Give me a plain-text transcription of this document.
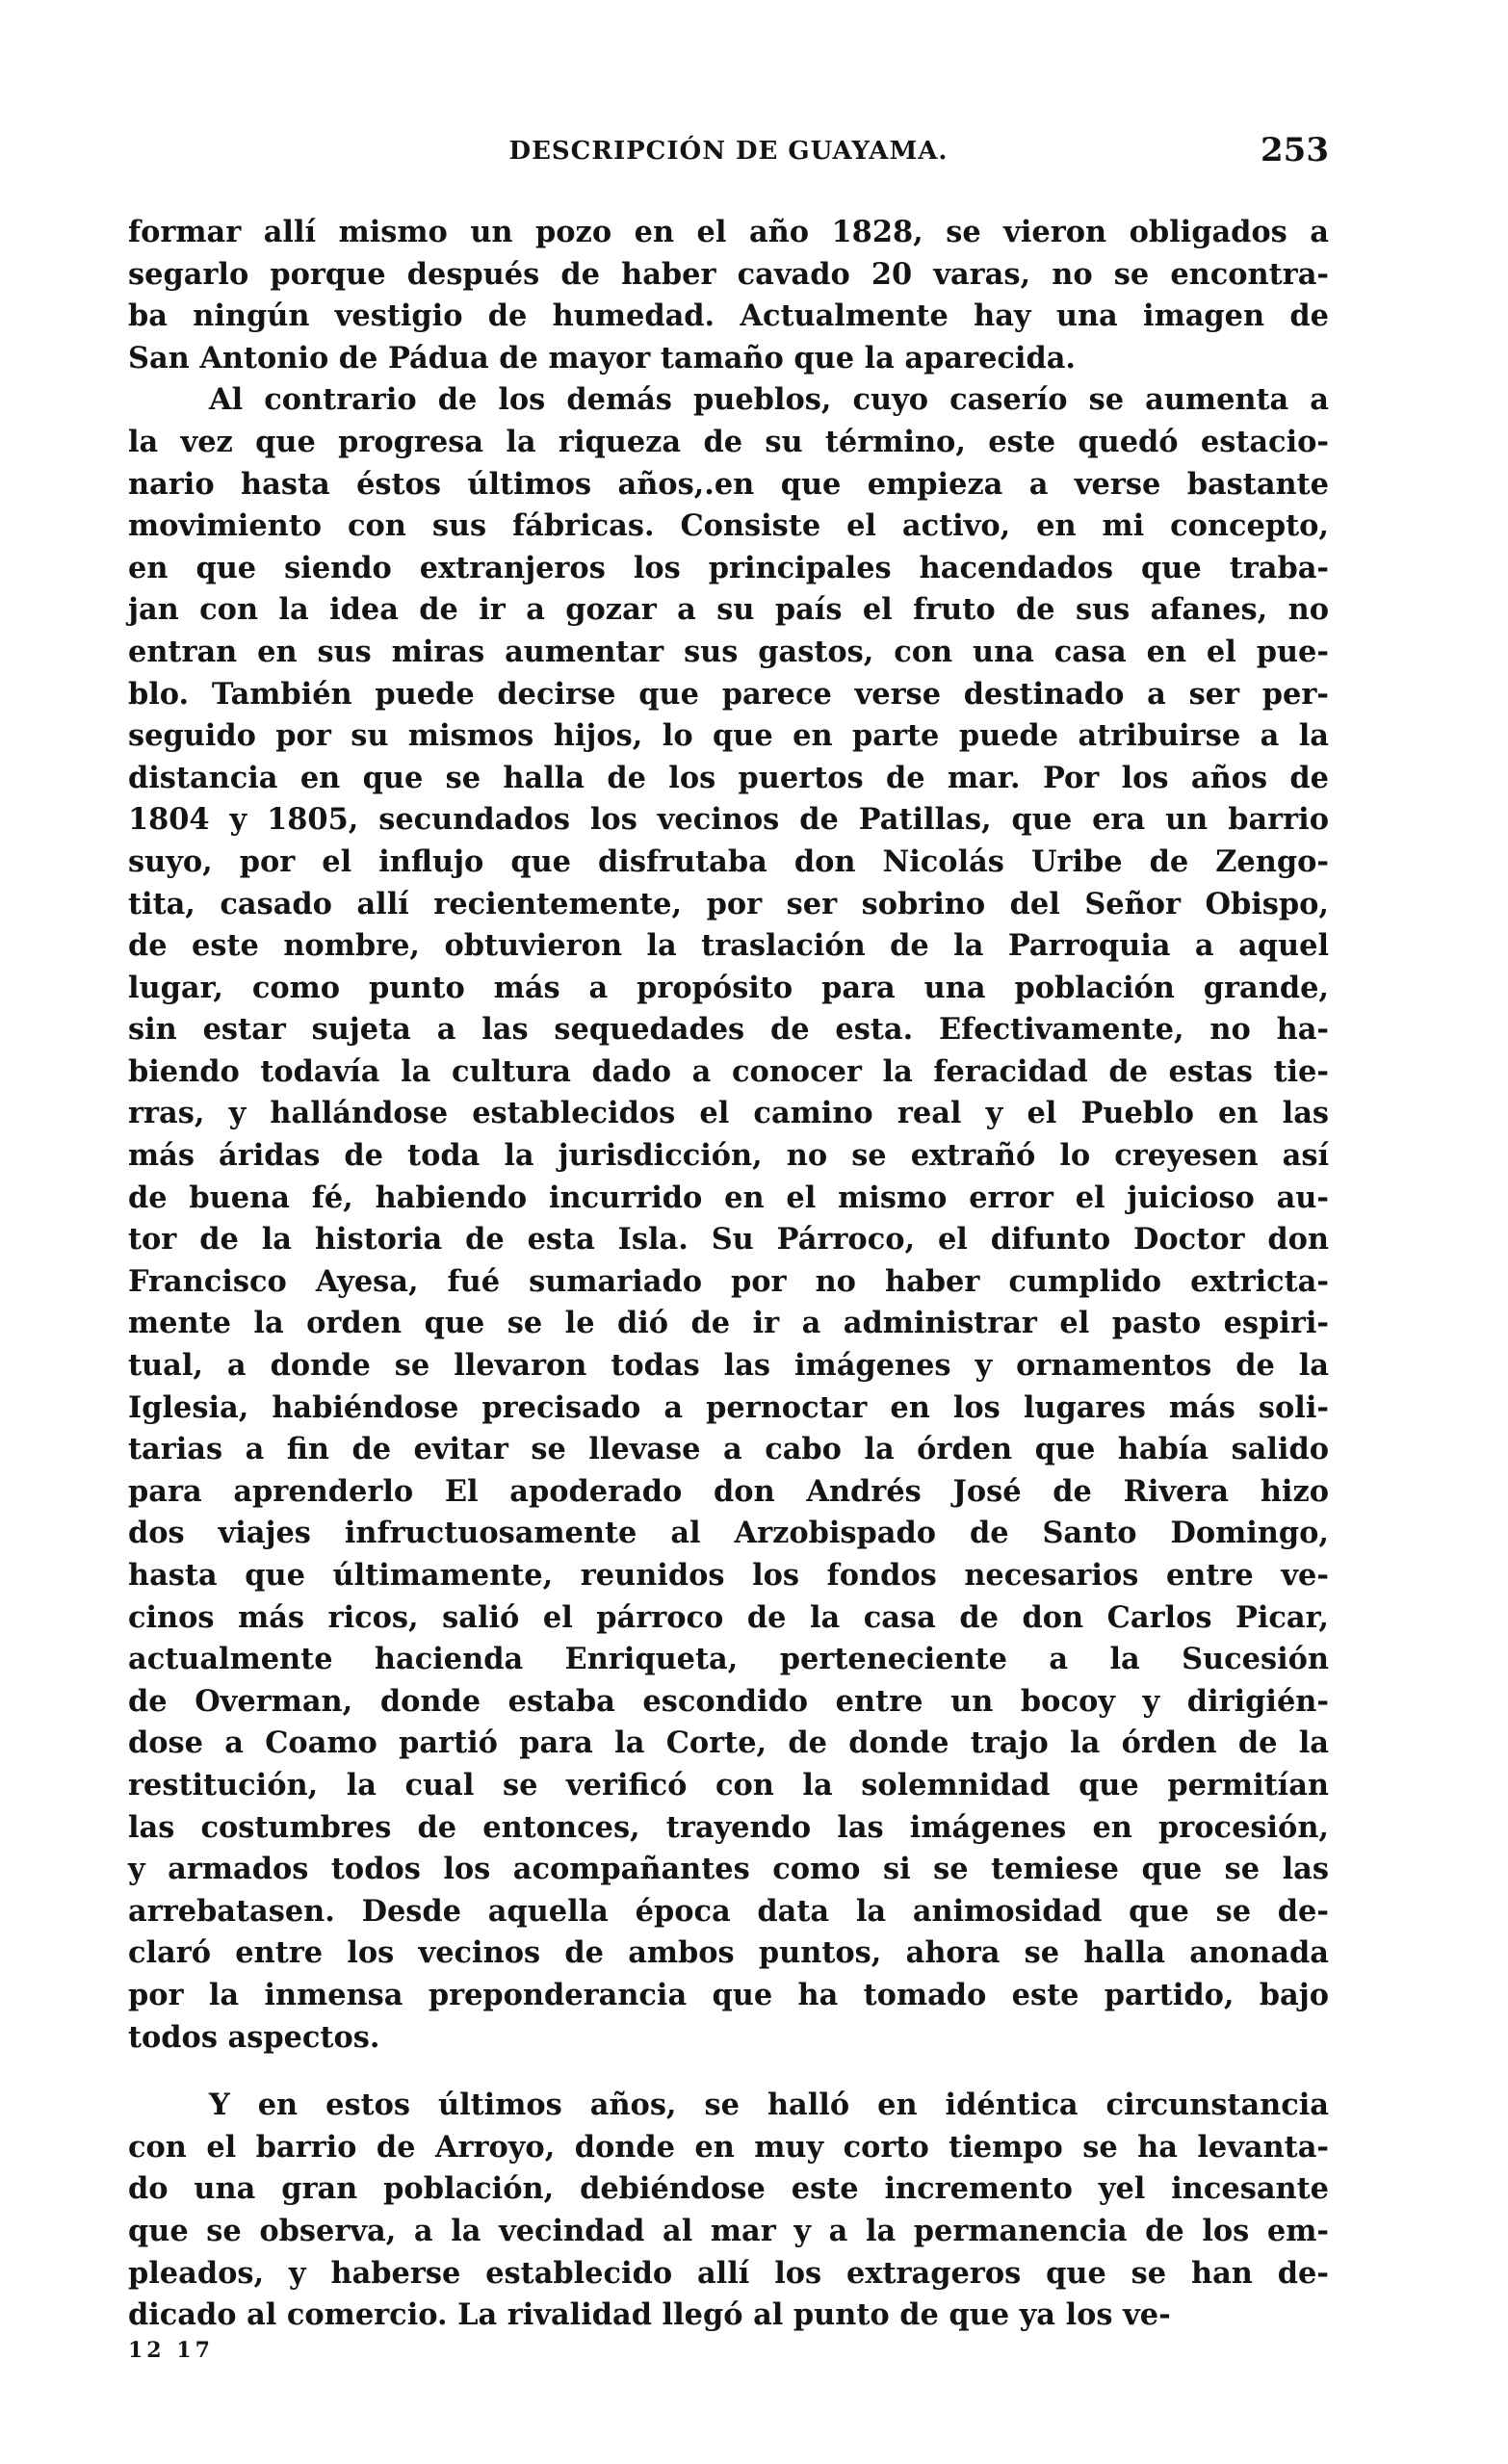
DESCRIPCIÓN DE GUAYAMA.	253
formar allí mismo un pozo en el año 1828, se vieron obligados a
segarlo porque después de haber cavado 20 varas, no se encontra-
ba ningún vestigio de humedad. Actualmente hay una imagen de
San Antonio de Pádua de mayor tamaño que la aparecida.
Al contrario de los demás pueblos, cuyo caserío se aumenta a
la vez que progresa la riqueza de su término, este quedó estacio-
nario hasta éstos últimos años,.en que empieza a verse bastante
movimiento con sus fábricas. Consiste el activo, en mi concepto,
en que siendo extranjeros los principales hacendados que traba-
jan con la idea de ir a gozar a su país el fruto de sus afanes, no
entran en sus miras aumentar sus gastos, con una casa en el pue-
blo. También puede decirse que parece verse destinado a ser per-
seguido por su mismos hijos, lo que en parte puede atribuirse a la
distancia en que se halla de los puertos de mar. Por los años de
1804 y 1805, secundados los vecinos de Patillas, que era un barrio
suyo, por el influjo que disfrutaba don Nicolás Uribe de Zengo-
tita, casado allí recientemente, por ser sobrino del Señor Obispo,
de este nombre, obtuvieron la traslación de la Parroquia a aquel
lugar, como punto más a propósito para una población grande,
sin estar sujeta a las sequedades de esta. Efectivamente, no ha-
biendo todavía la cultura dado a conocer la feracidad de estas tie-
rras, y hallándose establecidos el camino real y el Pueblo en las
más áridas de toda la jurisdicción, no se extrañó lo creyesen así
de buena fé, habiendo incurrido en el mismo error el juicioso au-
tor de la historia de esta Isla. Su Párroco, el difunto Doctor don
Francisco Ayesa, fué sumariado por no haber cumplido extricta-
mente la orden que se le dió de ir a administrar el pasto espiri-
tual, a donde se llevaron todas las imágenes y ornamentos de la
Iglesia, habiéndose precisado a pernoctar en los lugares más soli-
tarias a fin de evitar se llevase a cabo la órden que había salido
para aprenderlo El apoderado don Andrés José de Rivera hizo
dos viajes infructuosamente al Arzobispado de Santo Domingo,
hasta que últimamente, reunidos los fondos necesarios entre ve-
cinos más ricos, salió el párroco de la casa de don Carlos Picar,
actualmente hacienda Enriqueta, perteneciente a la Sucesión
de Overman, donde estaba escondido entre un bocoy y dirigién-
dose a Coamo partió para la Corte, de donde trajo la órden de la
restitución, la cual se verificó con la solemnidad que permitían
las costumbres de entonces, trayendo las imágenes en procesión,
y armados todos los acompañantes como si se temiese que se las
arrebatasen. Desde aquella época data la animosidad que se de-
claró entre los vecinos de ambos puntos, ahora se halla anonada
por la inmensa preponderancia que ha tomado este partido, bajo
todos aspectos.
Y en estos últimos años, se halló en idéntica circunstancia
con el barrio de Arroyo, donde en muy corto tiempo se ha levanta-
do una gran población, debiéndose este incremento yel incesante
que se observa, a la vecindad al mar y a la permanencia de los em-
pleados, y haberse establecido allí los extrageros que se han de-
dicado al comercio. La rivalidad llegó al punto de que ya los ve-
12 17
